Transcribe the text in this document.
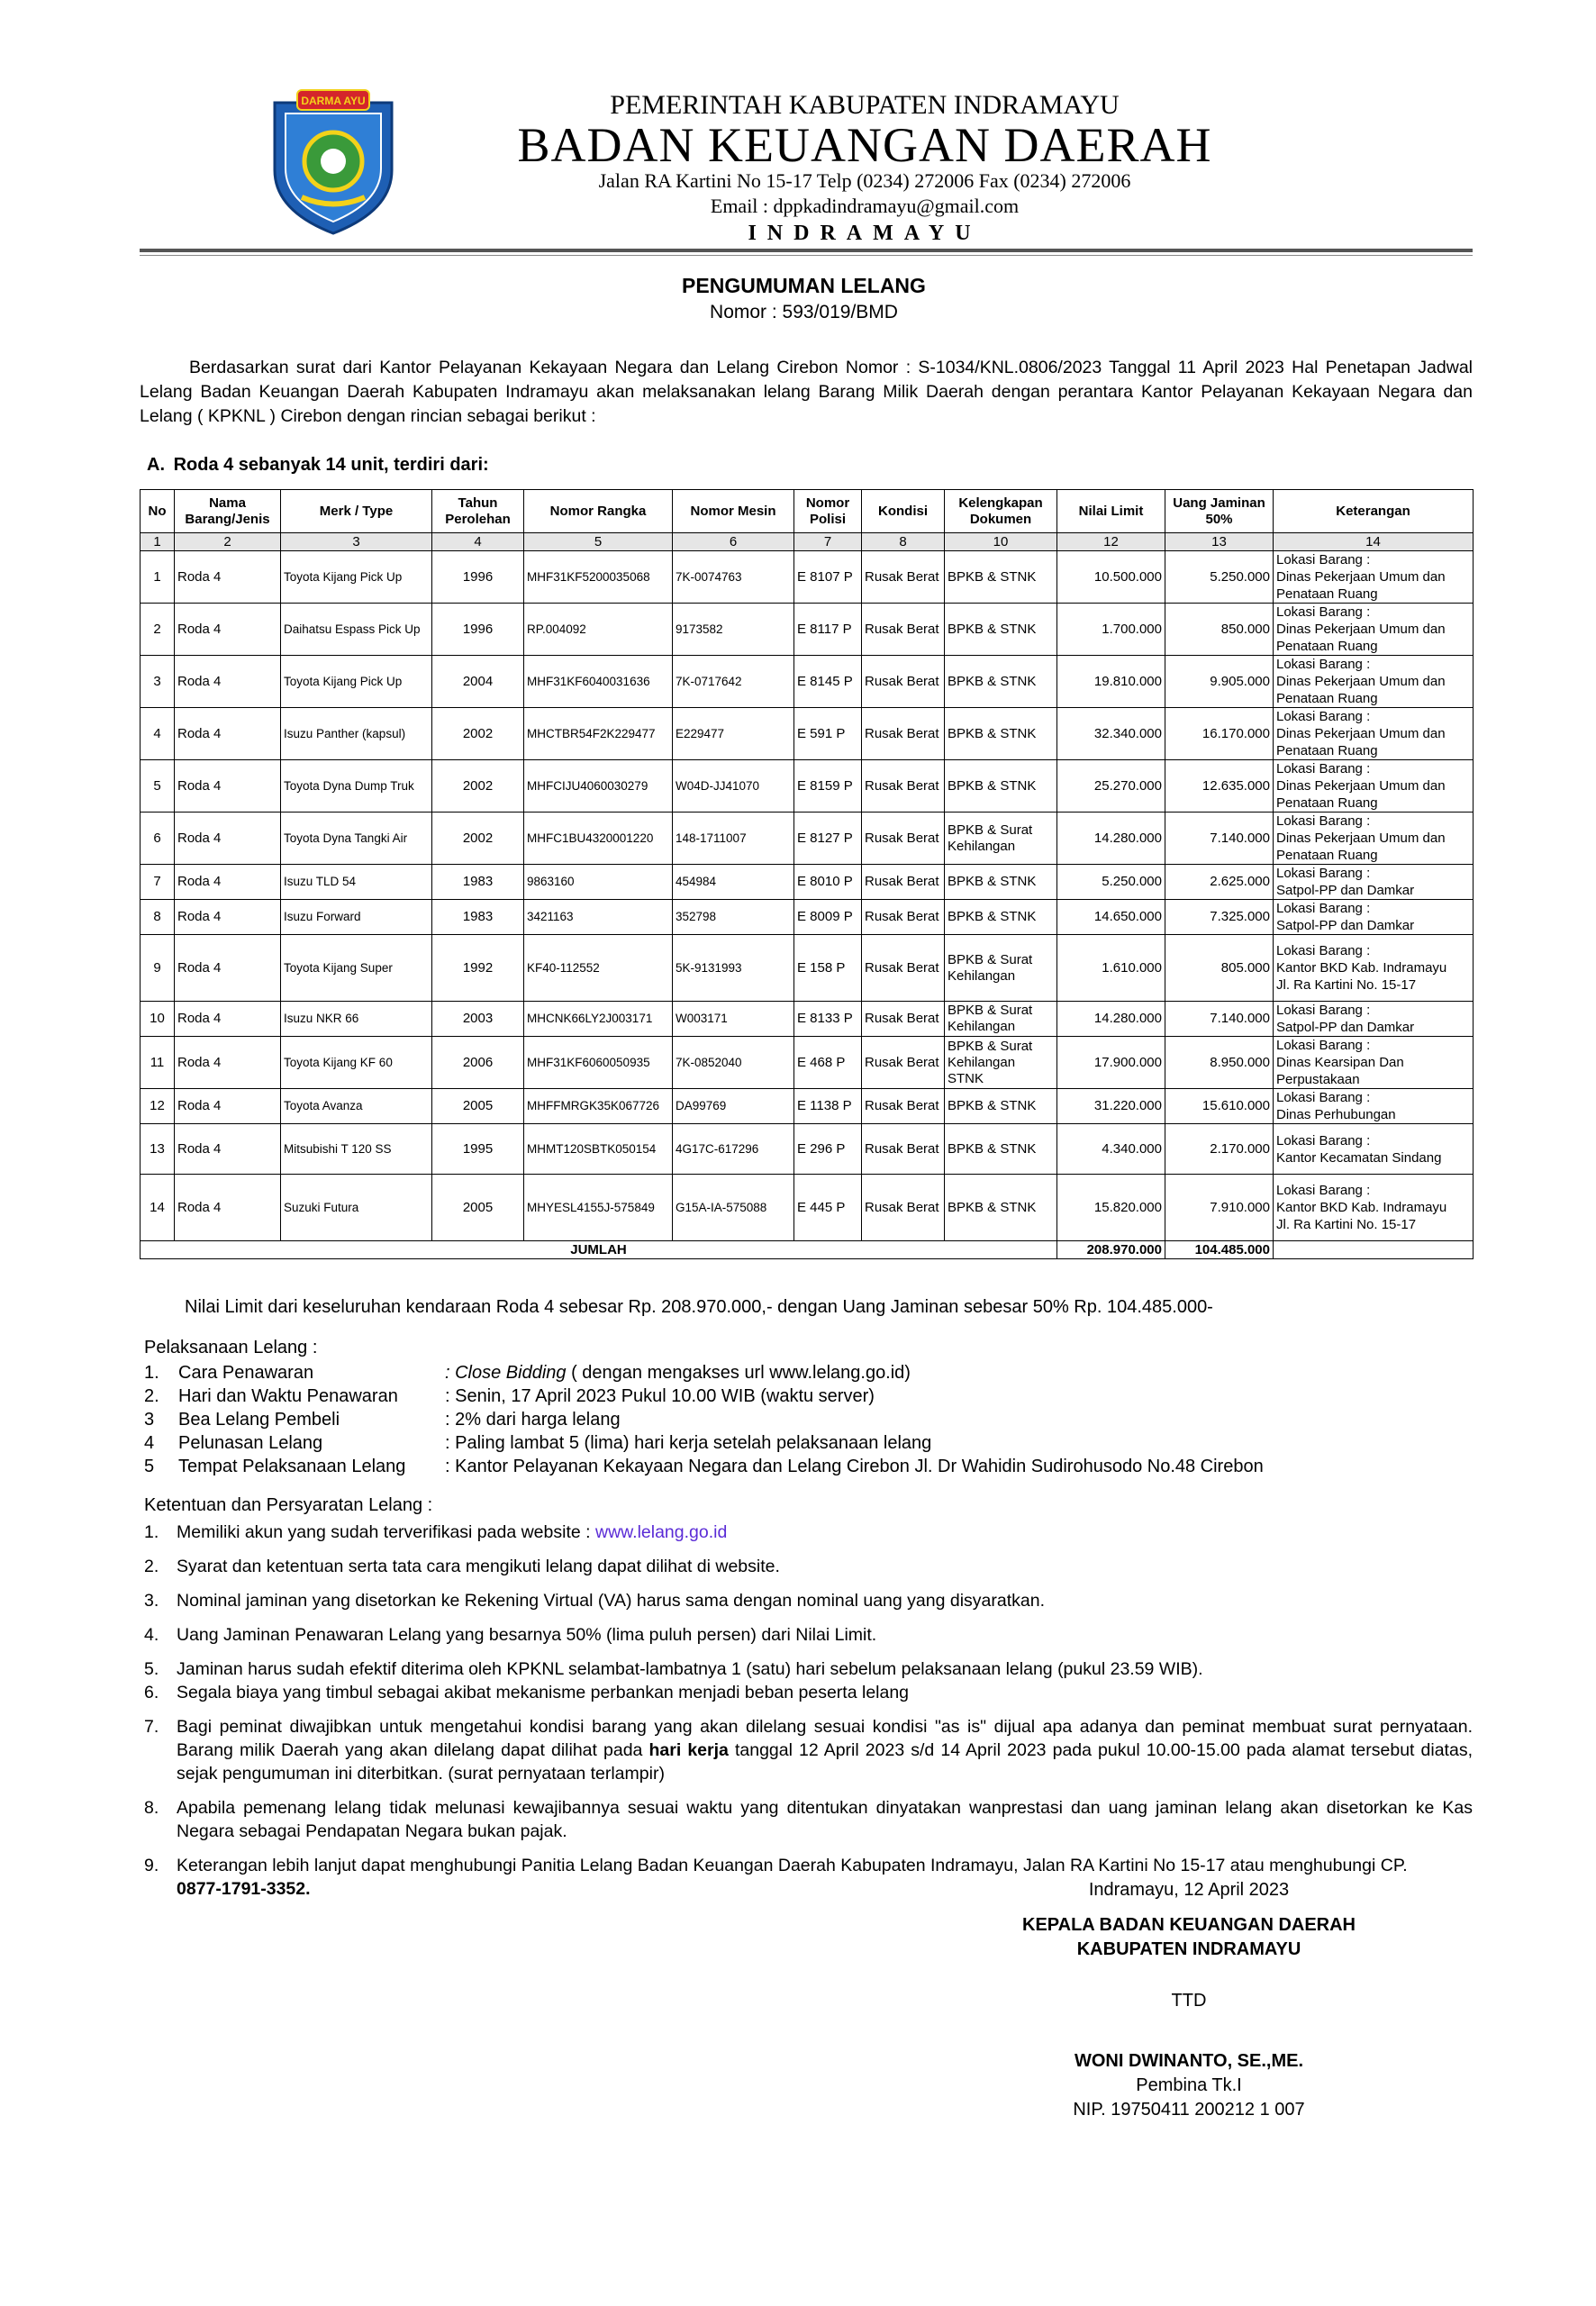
DARMA AYU	PEMERINTAH KABUPATEN INDRAMAYU
BADAN KEUANGAN DAERAH
Jalan RA Kartini No 15-17 Telp (0234) 272006 Fax (0234) 272006
Email : dppkadindramayu@gmail.com
INDRAMAYU
PENGUMUMAN LELANG
Nomor : 593/019/BMD

Berdasarkan surat dari Kantor Pelayanan Kekayaan Negara dan Lelang Cirebon Nomor : S-1034/KNL.0806/2023 Tanggal 11 April 2023 Hal Penetapan Jadwal Lelang Badan Keuangan Daerah Kabupaten Indramayu akan melaksanakan lelang Barang Milik Daerah dengan perantara Kantor Pelayanan Kekayaan Negara dan Lelang ( KPKNL ) Cirebon dengan rincian sebagai berikut :

A. Roda 4 sebanyak 14 unit, terdiri dari:
No	Nama Barang/Jenis	Merk / Type	Tahun Perolehan	Nomor Rangka	Nomor Mesin	Nomor Polisi	Kondisi	Kelengkapan Dokumen	Nilai Limit	Uang Jaminan 50%	Keterangan
1	2	3	4	5	6	7	8	10	12	13	14
1	Roda 4	Toyota Kijang Pick Up	1996	MHF31KF5200035068	7K-0074763	E 8107 P	Rusak Berat	BPKB & STNK	10.500.000	5.250.000	Lokasi Barang :
Dinas Pekerjaan Umum dan
Penataan Ruang
2	Roda 4	Daihatsu Espass Pick Up	1996	RP.004092	9173582	E 8117 P	Rusak Berat	BPKB & STNK	1.700.000	850.000	Lokasi Barang :
Dinas Pekerjaan Umum dan
Penataan Ruang
3	Roda 4	Toyota Kijang Pick Up	2004	MHF31KF6040031636	7K-0717642	E 8145 P	Rusak Berat	BPKB & STNK	19.810.000	9.905.000	Lokasi Barang :
Dinas Pekerjaan Umum dan
Penataan Ruang
4	Roda 4	Isuzu Panther (kapsul)	2002	MHCTBR54F2K229477	E229477	E 591 P	Rusak Berat	BPKB & STNK	32.340.000	16.170.000	Lokasi Barang :
Dinas Pekerjaan Umum dan
Penataan Ruang
5	Roda 4	Toyota Dyna Dump Truk	2002	MHFCIJU4060030279	W04D-JJ41070	E 8159 P	Rusak Berat	BPKB & STNK	25.270.000	12.635.000	Lokasi Barang :
Dinas Pekerjaan Umum dan
Penataan Ruang
6	Roda 4	Toyota Dyna Tangki Air	2002	MHFC1BU4320001220	148-1711007	E 8127 P	Rusak Berat	BPKB & Surat Kehilangan	14.280.000	7.140.000	Lokasi Barang :
Dinas Pekerjaan Umum dan
Penataan Ruang
7	Roda 4	Isuzu TLD 54	1983	9863160	454984	E 8010 P	Rusak Berat	BPKB & STNK	5.250.000	2.625.000	Lokasi Barang :
Satpol-PP dan Damkar
8	Roda 4	Isuzu Forward	1983	3421163	352798	E 8009 P	Rusak Berat	BPKB & STNK	14.650.000	7.325.000	Lokasi Barang :
Satpol-PP dan Damkar
9	Roda 4	Toyota Kijang Super	1992	KF40-112552	5K-9131993	E 158 P	Rusak Berat	BPKB & Surat Kehilangan	1.610.000	805.000	Lokasi Barang :
Kantor BKD Kab. Indramayu
Jl. Ra Kartini No. 15-17
10	Roda 4	Isuzu NKR 66	2003	MHCNK66LY2J003171	W003171	E 8133 P	Rusak Berat	BPKB & Surat Kehilangan	14.280.000	7.140.000	Lokasi Barang :
Satpol-PP dan Damkar
11	Roda 4	Toyota Kijang KF 60	2006	MHF31KF6060050935	7K-0852040	E 468 P	Rusak Berat	BPKB & Surat Kehilangan STNK	17.900.000	8.950.000	Lokasi Barang :
Dinas Kearsipan Dan
Perpustakaan
12	Roda 4	Toyota Avanza	2005	MHFFMRGK35K067726	DA99769	E 1138 P	Rusak Berat	BPKB & STNK	31.220.000	15.610.000	Lokasi Barang :
Dinas Perhubungan
13	Roda 4	Mitsubishi T 120 SS	1995	MHMT120SBTK050154	4G17C-617296	E 296 P	Rusak Berat	BPKB & STNK	4.340.000	2.170.000	Lokasi Barang :
Kantor Kecamatan Sindang
14	Roda 4	Suzuki Futura	2005	MHYESL4155J-575849	G15A-IA-575088	E 445 P	Rusak Berat	BPKB & STNK	15.820.000	7.910.000	Lokasi Barang :
Kantor BKD Kab. Indramayu
Jl. Ra Kartini No. 15-17
JUMLAH									208.970.000	104.485.000	
Nilai Limit dari keseluruhan kendaraan Roda 4 sebesar Rp. 208.970.000,- dengan Uang Jaminan sebesar 50% Rp. 104.485.000-
Pelaksanaan Lelang :
1.	Cara Penawaran	: Close Bidding ( dengan mengakses url www.lelang.go.id)
2.	Hari dan Waktu Penawaran	: Senin, 17 April 2023 Pukul 10.00 WIB (waktu server)
3	Bea Lelang Pembeli	: 2% dari harga lelang
4	Pelunasan Lelang	: Paling lambat 5 (lima) hari kerja setelah pelaksanaan lelang
5	Tempat Pelaksanaan Lelang	: Kantor Pelayanan Kekayaan Negara dan Lelang Cirebon Jl. Dr Wahidin Sudirohusodo No.48 Cirebon
Ketentuan dan Persyaratan Lelang :
1.	Memiliki akun yang sudah terverifikasi pada website : www.lelang.go.id
2.	Syarat dan ketentuan serta tata cara mengikuti lelang dapat dilihat di website.
3.	Nominal jaminan yang disetorkan ke Rekening Virtual (VA) harus sama dengan nominal uang yang disyaratkan.
4.	Uang Jaminan Penawaran Lelang yang besarnya 50% (lima puluh persen) dari Nilai Limit.
5.	Jaminan harus sudah efektif diterima oleh KPKNL selambat-lambatnya 1 (satu) hari sebelum pelaksanaan lelang (pukul 23.59 WIB).
6.	Segala biaya yang timbul sebagai akibat mekanisme perbankan menjadi beban peserta lelang
7.	Bagi peminat diwajibkan untuk mengetahui kondisi barang yang akan dilelang sesuai kondisi "as is" dijual apa adanya dan peminat membuat surat pernyataan. Barang milik Daerah yang akan dilelang dapat dilihat pada hari kerja tanggal 12 April 2023 s/d 14 April 2023 pada pukul 10.00-15.00 pada alamat tersebut diatas, sejak pengumuman ini diterbitkan. (surat pernyataan terlampir)
8.	Apabila pemenang lelang tidak melunasi kewajibannya sesuai waktu yang ditentukan dinyatakan wanprestasi dan uang jaminan lelang akan disetorkan ke Kas Negara sebagai Pendapatan Negara bukan pajak.
9.	Keterangan lebih lanjut dapat menghubungi Panitia Lelang Badan Keuangan Daerah Kabupaten Indramayu, Jalan RA Kartini No 15-17 atau menghubungi CP.
0877-1791-3352.	Indramayu, 12 April 2023
KEPALA BADAN KEUANGAN DAERAH
KABUPATEN INDRAMAYU
TTD
WONI DWINANTO, SE.,ME.
Pembina Tk.I
NIP. 19750411 200212 1 007
